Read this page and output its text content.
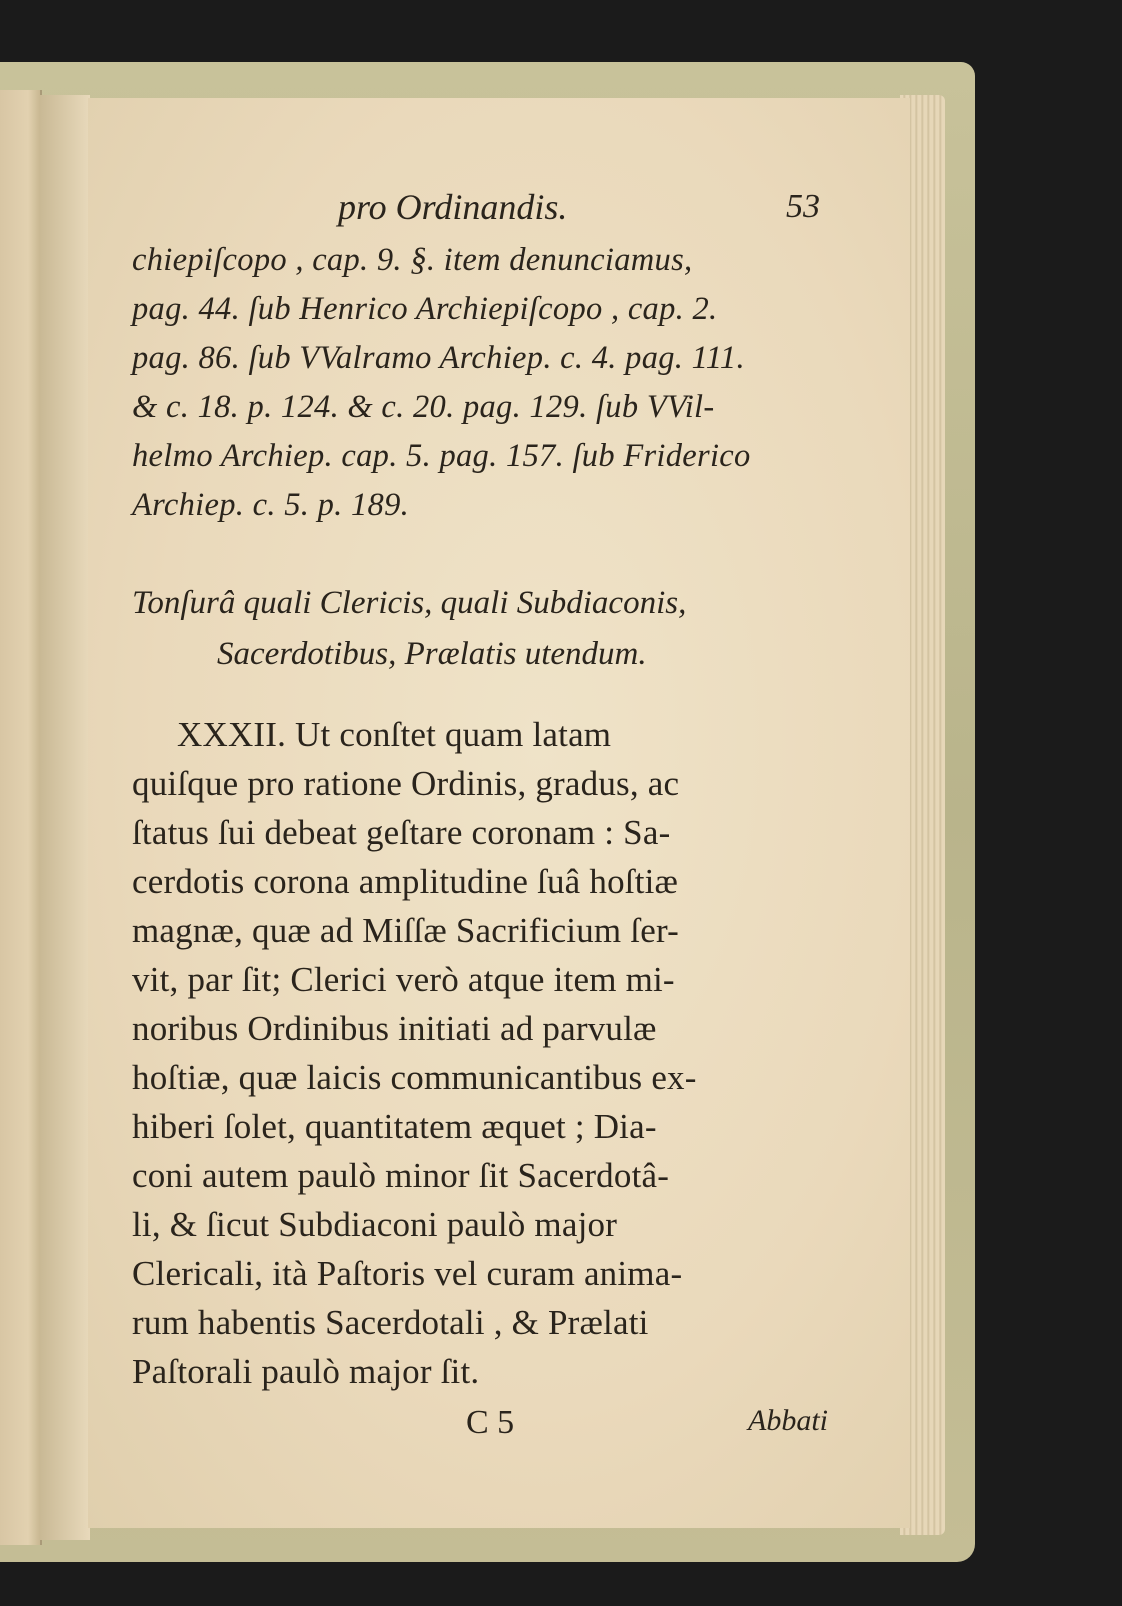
pro Ordinandis.	53
chiepiſcopo , cap. 9. §. item denunciamus,
pag. 44. ſub Henrico Archiepiſcopo , cap. 2.
pag. 86. ſub VValramo Archiep. c. 4. pag. 111.
& c. 18. p. 124. & c. 20. pag. 129. ſub VVil-
helmo Archiep. cap. 5. pag. 157. ſub Friderico
Archiep. c. 5. p. 189.
Tonſurâ quali Clericis, quali Subdiaconis,
Sacerdotibus, Prælatis utendum.
XXXII. Ut conſtet quam latam
quiſque pro ratione Ordinis, gradus, ac
ſtatus ſui debeat geſtare coronam : Sa-
cerdotis corona amplitudine ſuâ hoſtiæ
magnæ, quæ ad Miſſæ Sacrificium ſer-
vit, par ſit; Clerici verò atque item mi-
noribus Ordinibus initiati ad parvulæ
hoſtiæ, quæ laicis communicantibus ex-
hiberi ſolet, quantitatem æquet ; Dia-
coni autem paulò minor ſit Sacerdotâ-
li, & ſicut Subdiaconi paulò major
Clericali, ità Paſtoris vel curam anima-
rum habentis Sacerdotali , & Prælati
Paſtorali paulò major ſit.
C 5	Abbati
